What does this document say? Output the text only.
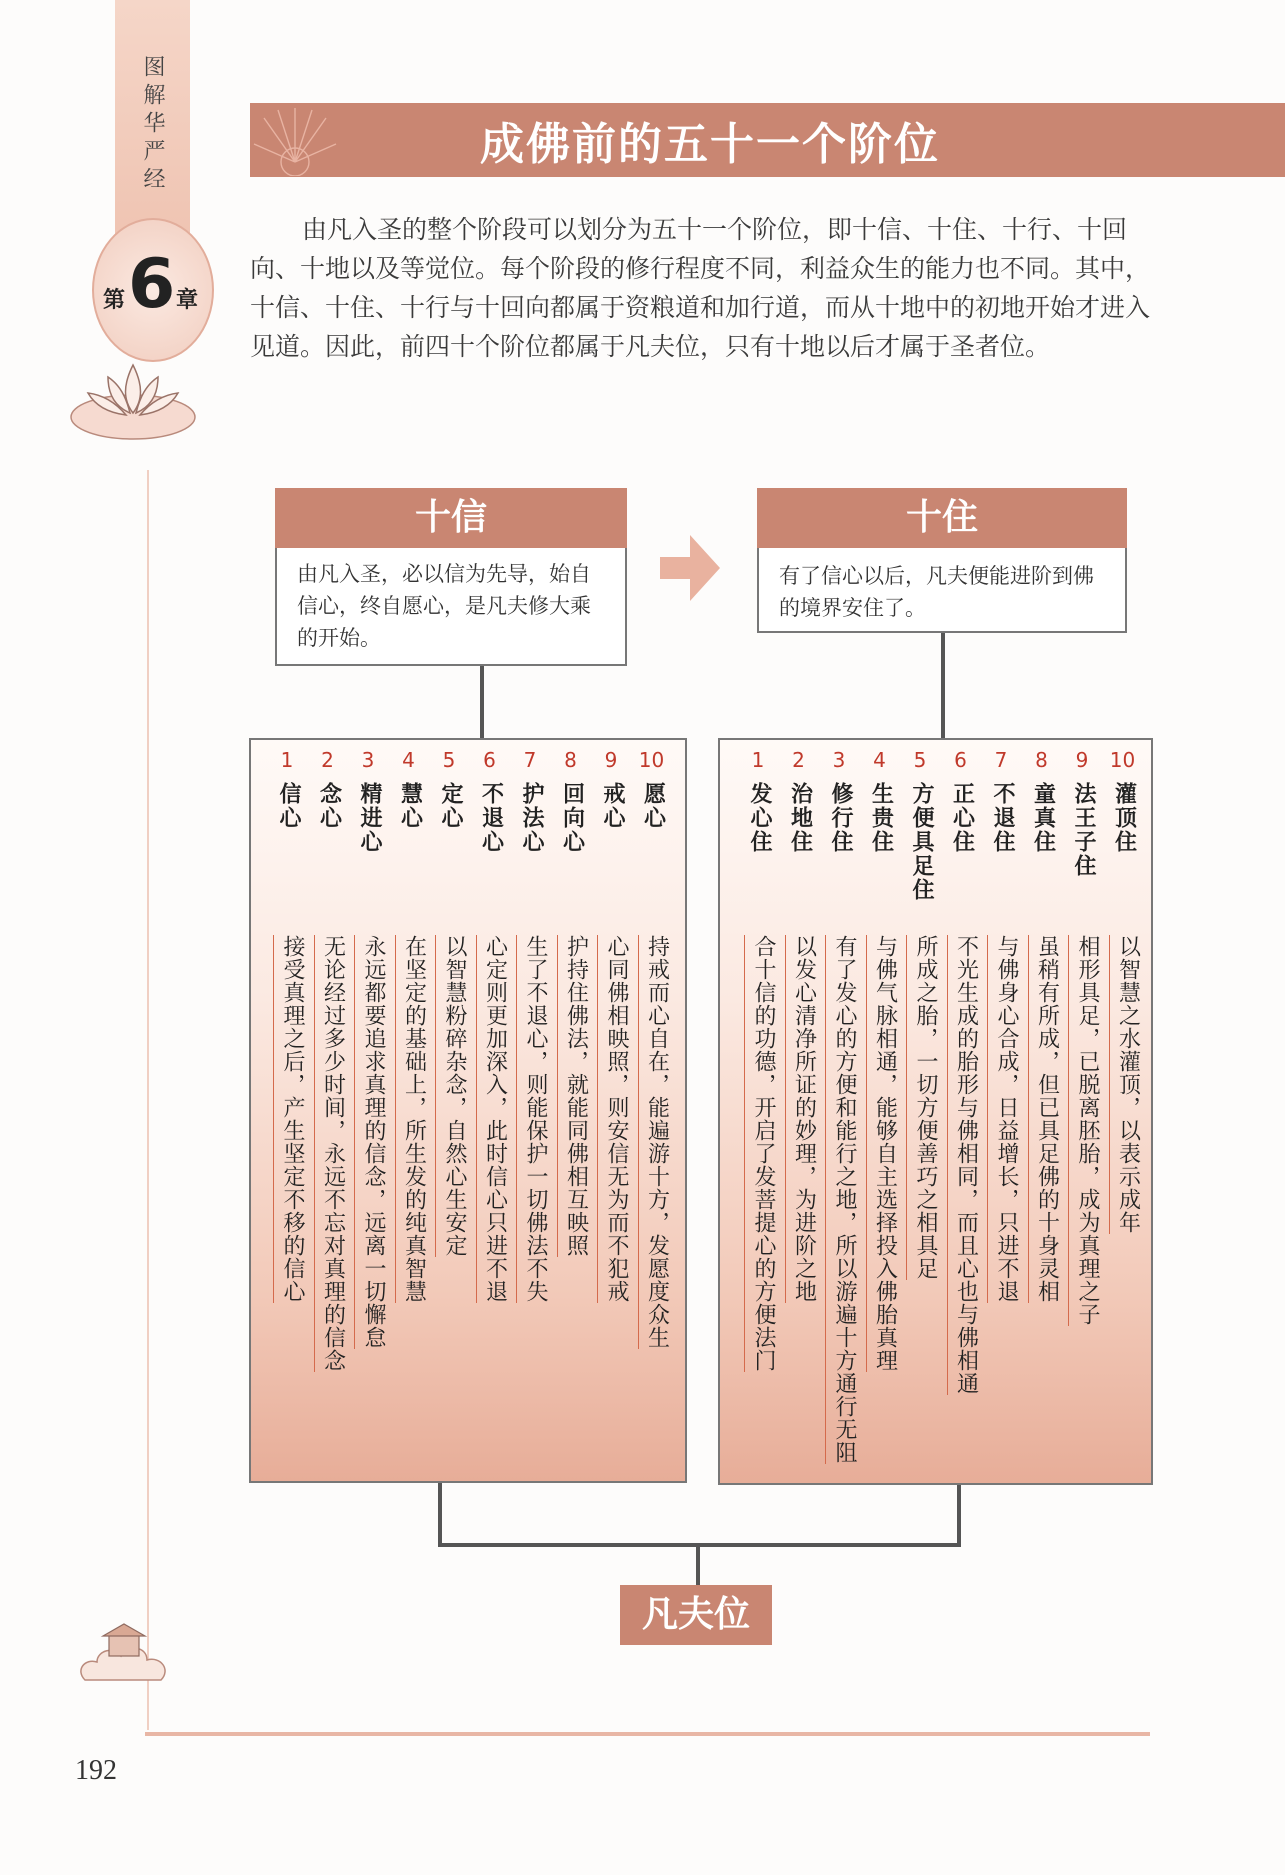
图解华严经
6
第 章
成佛前的五十一个阶位
由凡入圣的整个阶段可以划分为五十一个阶位，即十信、十住、十行、十回向、十地以及等觉位。每个阶段的修行程度不同，利益众生的能力也不同。其中，十信、十住、十行与十回向都属于资粮道和加行道，而从十地中的初地开始才进入见道。因此，前四十个阶位都属于凡夫位，只有十地以后才属于圣者位。
十信
由凡入圣，必以信为先导，始自信心，终自愿心，是凡夫修大乘的开始。
十住
有了信心以后，凡夫便能进阶到佛的境界安住了。
1
信心
接受真理之后，产生坚定不移的信心
2
念心
无论经过多少时间，永远不忘对真理的信念
3
精进心
永远都要追求真理的信念，远离一切懈怠
4
慧心
在坚定的基础上，所生发的纯真智慧
5
定心
以智慧粉碎杂念，自然心生安定
6
不退心
心定则更加深入，此时信心只进不退
7
护法心
生了不退心，则能保护一切佛法不失
8
回向心
护持住佛法，就能同佛相互映照
9
戒心
心同佛相映照，则安信无为而不犯戒
10
愿心
持戒而心自在，能遍游十方，发愿度众生
1
发心住
合十信的功德，开启了发菩提心的方便法门
2
治地住
以发心清净所证的妙理，为进阶之地
3
修行住
有了发心的方便和能行之地，所以游遍十方通行无阻
4
生贵住
与佛气脉相通，能够自主选择投入佛胎真理
5
方便具足住
所成之胎，一切方便善巧之相具足
6
正心住
不光生成的胎形与佛相同，而且心也与佛相通
7
不退住
与佛身心合成，日益增长，只进不退
8
童真住
虽稍有所成，但已具足佛的十身灵相
9
法王子住
相形具足，已脱离胚胎，成为真理之子
10
灌顶住
以智慧之水灌顶，以表示成年
凡夫位
192
